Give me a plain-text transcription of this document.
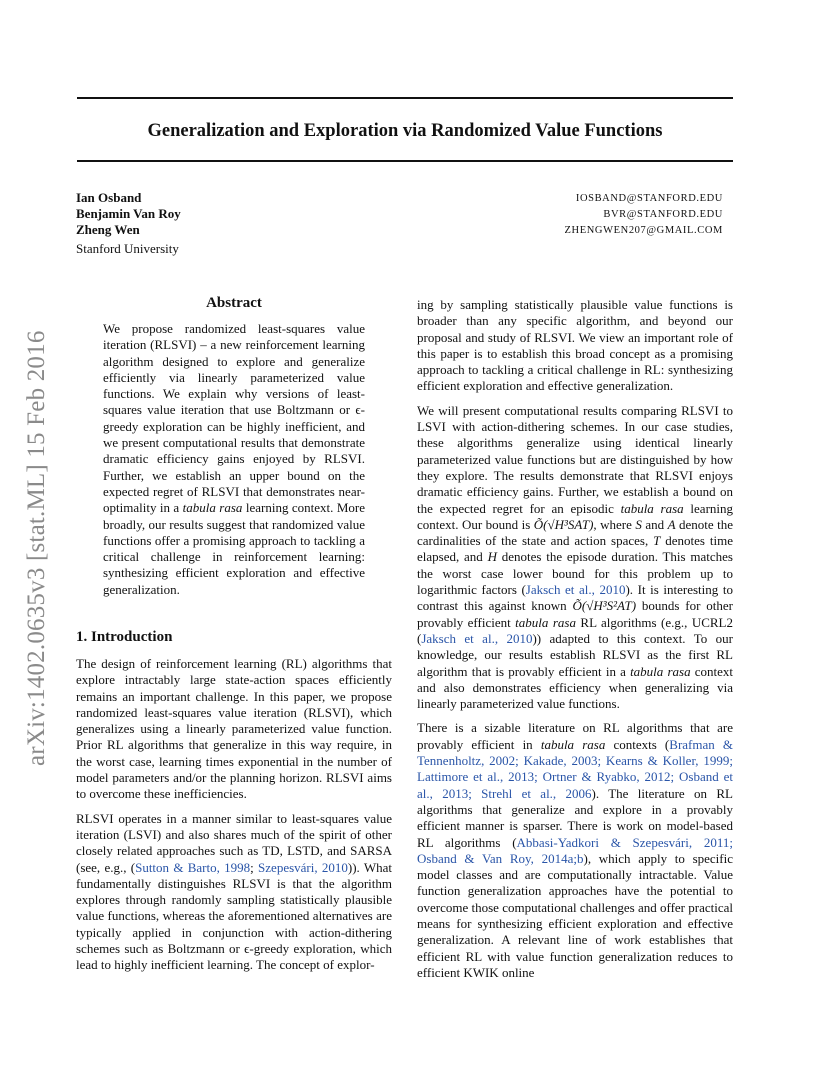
Generalization and Exploration via Randomized Value Functions
Ian Osband
Benjamin Van Roy
Zheng Wen
Stanford University
IOSBAND@STANFORD.EDU
BVR@STANFORD.EDU
ZHENGWEN207@GMAIL.COM
arXiv:1402.0635v3 [stat.ML] 15 Feb 2016
Abstract
We propose randomized least-squares value iteration (RLSVI) – a new reinforcement learning algorithm designed to explore and generalize efficiently via linearly parameterized value functions. We explain why versions of least-squares value iteration that use Boltzmann or ϵ-greedy exploration can be highly inefficient, and we present computational results that demonstrate dramatic efficiency gains enjoyed by RLSVI. Further, we establish an upper bound on the expected regret of RLSVI that demonstrates near-optimality in a tabula rasa learning context. More broadly, our results suggest that randomized value functions offer a promising approach to tackling a critical challenge in reinforcement learning: synthesizing efficient exploration and effective generalization.
1. Introduction

The design of reinforcement learning (RL) algorithms that explore intractably large state-action spaces efficiently remains an important challenge. In this paper, we propose randomized least-squares value iteration (RLSVI), which generalizes using a linearly parameterized value function. Prior RL algorithms that generalize in this way require, in the worst case, learning times exponential in the number of model parameters and/or the planning horizon. RLSVI aims to overcome these inefficiencies.

RLSVI operates in a manner similar to least-squares value iteration (LSVI) and also shares much of the spirit of other closely related approaches such as TD, LSTD, and SARSA (see, e.g., (Sutton & Barto, 1998; Szepesvári, 2010)). What fundamentally distinguishes RLSVI is that the algorithm explores through randomly sampling statistically plausible value functions, whereas the aforementioned alternatives are typically applied in conjunction with action-dithering schemes such as Boltzmann or ϵ-greedy exploration, which lead to highly inefficient learning. The concept of explor-

ing by sampling statistically plausible value functions is broader than any specific algorithm, and beyond our proposal and study of RLSVI. We view an important role of this paper is to establish this broad concept as a promising approach to tackling a critical challenge in RL: synthesizing efficient exploration and effective generalization.

We will present computational results comparing RLSVI to LSVI with action-dithering schemes. In our case studies, these algorithms generalize using identical linearly parameterized value functions but are distinguished by how they explore. The results demonstrate that RLSVI enjoys dramatic efficiency gains. Further, we establish a bound on the expected regret for an episodic tabula rasa learning context. Our bound is Õ(√H³SAT), where S and A denote the cardinalities of the state and action spaces, T denotes time elapsed, and H denotes the episode duration. This matches the worst case lower bound for this problem up to logarithmic factors (Jaksch et al., 2010). It is interesting to contrast this against known Õ(√H³S²AT) bounds for other provably efficient tabula rasa RL algorithms (e.g., UCRL2 (Jaksch et al., 2010)) adapted to this context. To our knowledge, our results establish RLSVI as the first RL algorithm that is provably efficient in a tabula rasa context and also demonstrates efficiency when generalizing via linearly parameterized value functions.

There is a sizable literature on RL algorithms that are provably efficient in tabula rasa contexts (Brafman & Tennenholtz, 2002; Kakade, 2003; Kearns & Koller, 1999; Lattimore et al., 2013; Ortner & Ryabko, 2012; Osband et al., 2013; Strehl et al., 2006). The literature on RL algorithms that generalize and explore in a provably efficient manner is sparser. There is work on model-based RL algorithms (Abbasi-Yadkori & Szepesvári, 2011; Osband & Van Roy, 2014a;b), which apply to specific model classes and are computationally intractable. Value function generalization approaches have the potential to overcome those computational challenges and offer practical means for synthesizing efficient exploration and effective generalization. A relevant line of work establishes that efficient RL with value function generalization reduces to efficient KWIK online
